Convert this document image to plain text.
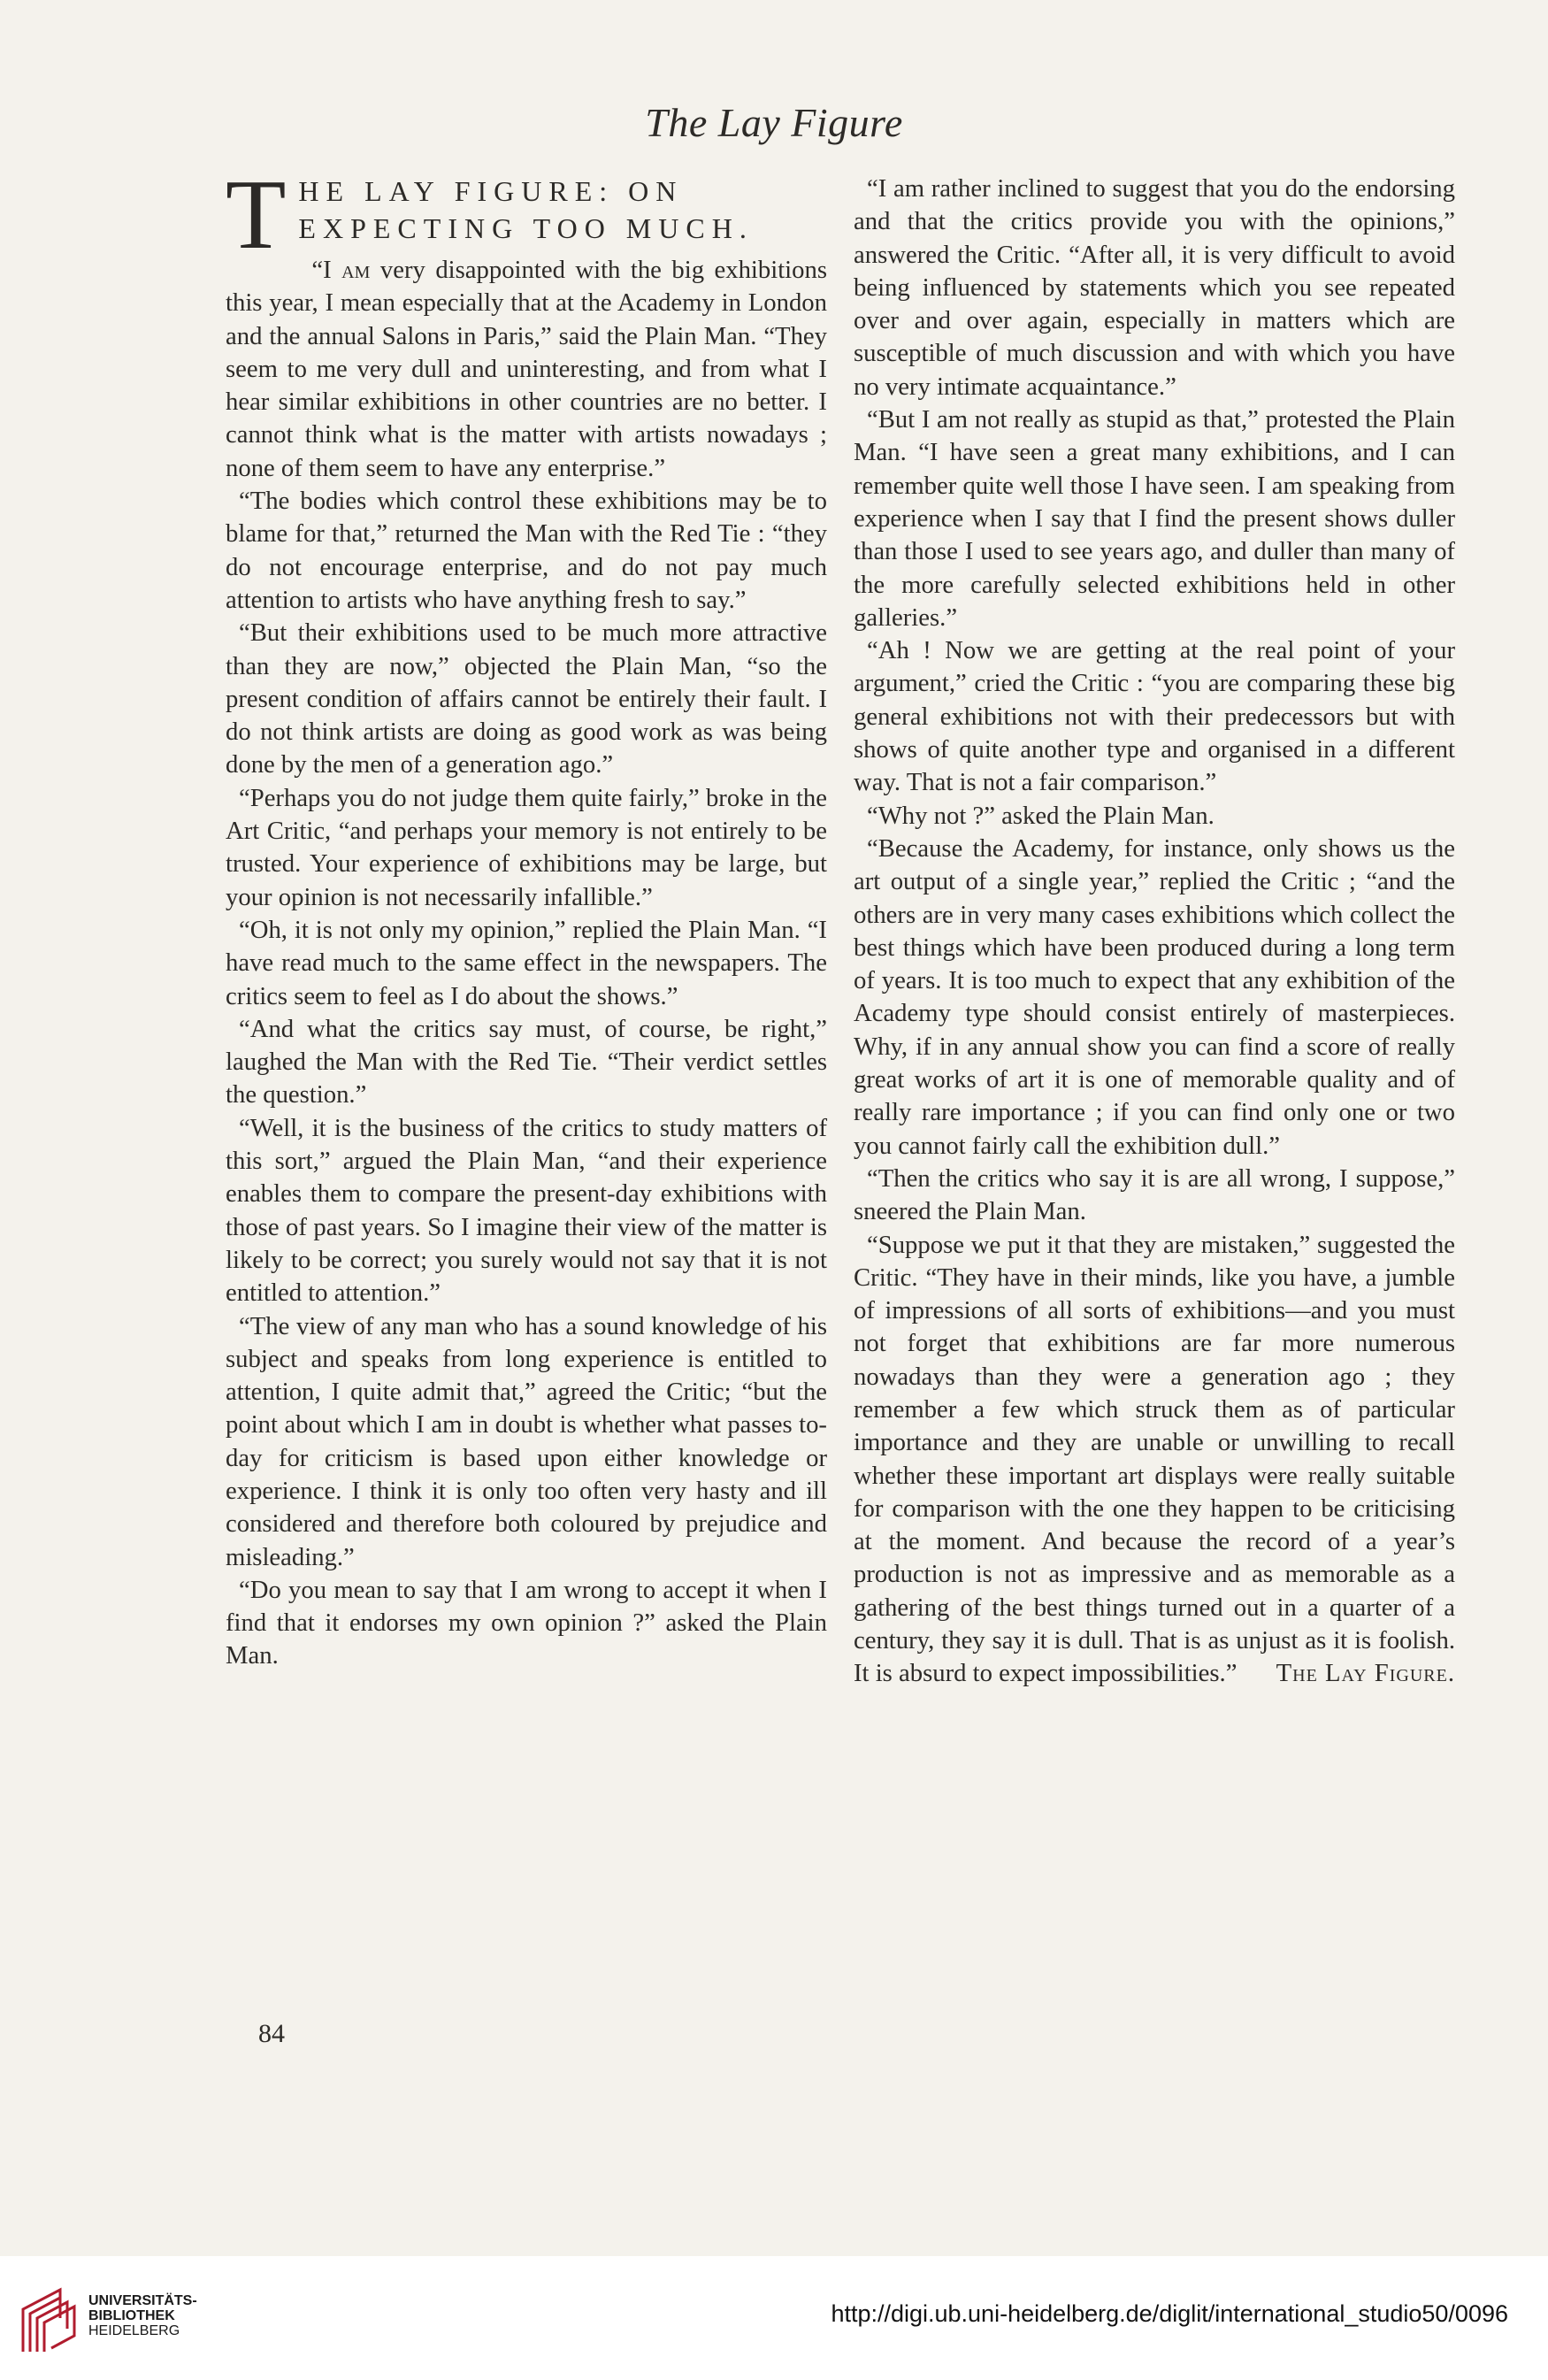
The Lay Figure
T HE LAY FIGURE: ON EXPECTING TOO MUCH.

“I am very disappointed with the big exhibitions this year, I mean especially that at the Academy in London and the annual Salons in Paris,” said the Plain Man. “They seem to me very dull and uninteresting, and from what I hear similar exhibitions in other countries are no better. I cannot think what is the matter with artists nowadays ; none of them seem to have any enterprise.”

“The bodies which control these exhibitions may be to blame for that,” returned the Man with the Red Tie : “they do not encourage enterprise, and do not pay much attention to artists who have anything fresh to say.”

“But their exhibitions used to be much more attractive than they are now,” objected the Plain Man, “so the present condition of affairs cannot be entirely their fault. I do not think artists are doing as good work as was being done by the men of a generation ago.”

“Perhaps you do not judge them quite fairly,” broke in the Art Critic, “and perhaps your memory is not entirely to be trusted. Your experience of exhibitions may be large, but your opinion is not necessarily infallible.”

“Oh, it is not only my opinion,” replied the Plain Man. “I have read much to the same effect in the newspapers. The critics seem to feel as I do about the shows.”

“And what the critics say must, of course, be right,” laughed the Man with the Red Tie. “Their verdict settles the question.”

“Well, it is the business of the critics to study matters of this sort,” argued the Plain Man, “and their experience enables them to compare the present-day exhibitions with those of past years. So I imagine their view of the matter is likely to be correct; you surely would not say that it is not entitled to attention.”

“The view of any man who has a sound knowledge of his subject and speaks from long experience is entitled to attention, I quite admit that,” agreed the Critic; “but the point about which I am in doubt is whether what passes to-day for criticism is based upon either knowledge or experience. I think it is only too often very hasty and ill considered and therefore both coloured by prejudice and misleading.”

“Do you mean to say that I am wrong to accept it when I find that it endorses my own opinion ?” asked the Plain Man.

“I am rather inclined to suggest that you do the endorsing and that the critics provide you with the opinions,” answered the Critic. “After all, it is very difficult to avoid being influenced by statements which you see repeated over and over again, especially in matters which are susceptible of much discussion and with which you have no very intimate acquaintance.”

“But I am not really as stupid as that,” protested the Plain Man. “I have seen a great many exhibitions, and I can remember quite well those I have seen. I am speaking from experience when I say that I find the present shows duller than those I used to see years ago, and duller than many of the more carefully selected exhibitions held in other galleries.”

“Ah ! Now we are getting at the real point of your argument,” cried the Critic : “you are comparing these big general exhibitions not with their predecessors but with shows of quite another type and organised in a different way. That is not a fair comparison.”

“Why not ?” asked the Plain Man.

“Because the Academy, for instance, only shows us the art output of a single year,” replied the Critic ; “and the others are in very many cases exhibitions which collect the best things which have been produced during a long term of years. It is too much to expect that any exhibition of the Academy type should consist entirely of masterpieces. Why, if in any annual show you can find a score of really great works of art it is one of memorable quality and of really rare importance ; if you can find only one or two you cannot fairly call the exhibition dull.”

“Then the critics who say it is are all wrong, I suppose,” sneered the Plain Man.

“Suppose we put it that they are mistaken,” suggested the Critic. “They have in their minds, like you have, a jumble of impressions of all sorts of exhibitions—and you must not forget that exhibitions are far more numerous nowadays than they were a generation ago ; they remember a few which struck them as of particular importance and they are unable or unwilling to recall whether these important art displays were really suitable for comparison with the one they happen to be criticising at the moment. And because the record of a year’s production is not as impressive and as memorable as a gathering of the best things turned out in a quarter of a century, they say it is dull. That is as unjust as it is foolish. It is absurd to expect impossibilities.”	The Lay Figure.

84
UNIVERSITÄTS-
BIBLIOTHEK
HEIDELBERG
http://digi.ub.uni-heidelberg.de/diglit/international_studio50/0096
